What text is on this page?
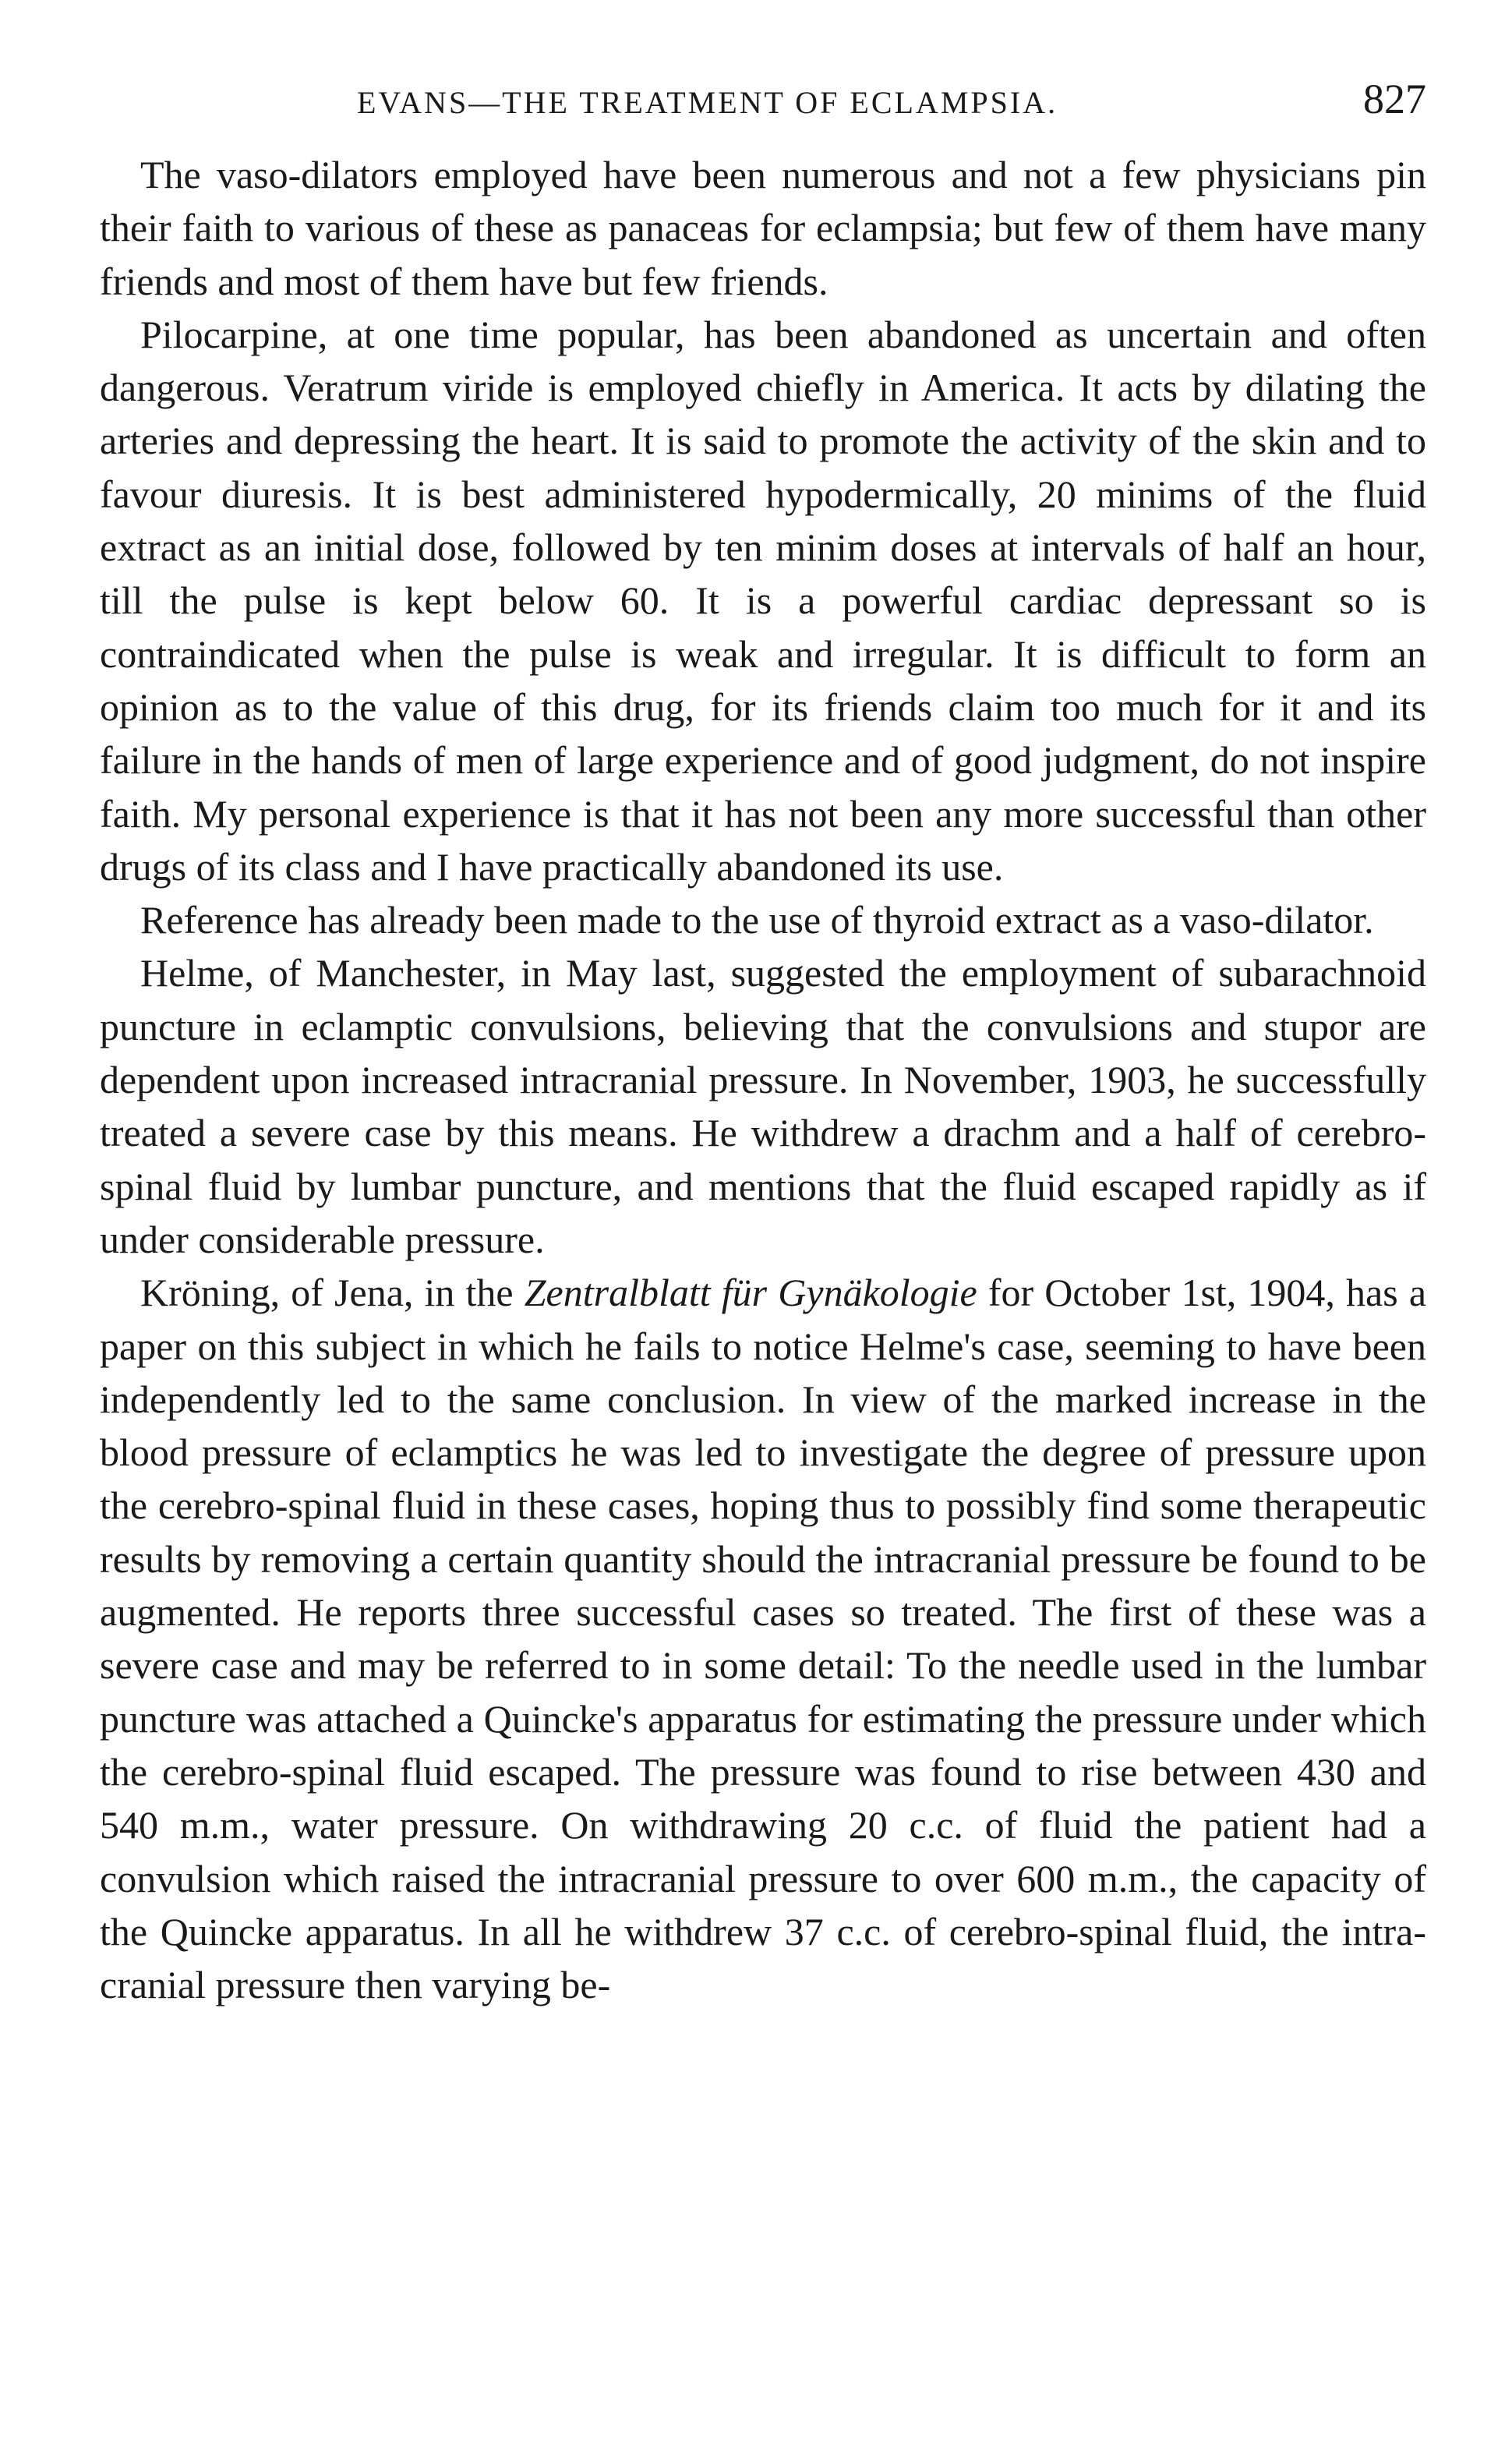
EVANS—THE TREATMENT OF ECLAMPSIA.	827

The vaso-dilators employed have been numerous and not a few physicians pin their faith to various of these as panaceas for eclampsia; but few of them have many friends and most of them have but few friends.

Pilocarpine, at one time popular, has been abandoned as uncertain and often dangerous. Veratrum viride is employed chiefly in America. It acts by dilating the arteries and depressing the heart. It is said to promote the activity of the skin and to favour diuresis. It is best administered hypodermically, 20 minims of the fluid extract as an initial dose, followed by ten minim doses at intervals of half an hour, till the pulse is kept below 60. It is a powerful cardiac depressant so is contraindicated when the pulse is weak and irregular. It is difficult to form an opinion as to the value of this drug, for its friends claim too much for it and its failure in the hands of men of large experience and of good judgment, do not inspire faith. My personal experience is that it has not been any more successful than other drugs of its class and I have practically abandoned its use.

Reference has already been made to the use of thyroid extract as a vaso-dilator.

Helme, of Manchester, in May last, suggested the employment of subarachnoid puncture in eclamptic convulsions, believing that the convulsions and stupor are dependent upon increased intracranial pressure. In November, 1903, he successfully treated a severe case by this means. He withdrew a drachm and a half of cerebro-spinal fluid by lumbar puncture, and mentions that the fluid escaped rapidly as if under considerable pressure.

Kröning, of Jena, in the Zentralblatt für Gynäkologie for October 1st, 1904, has a paper on this subject in which he fails to notice Helme's case, seeming to have been independently led to the same conclusion. In view of the marked increase in the blood pressure of eclamptics he was led to investigate the degree of pressure upon the cerebro-spinal fluid in these cases, hoping thus to possibly find some therapeutic results by removing a certain quantity should the intracranial pressure be found to be augmented. He reports three successful cases so treated. The first of these was a severe case and may be referred to in some detail: To the needle used in the lumbar puncture was attached a Quincke's apparatus for estimating the pressure under which the cerebro-spinal fluid escaped. The pressure was found to rise between 430 and 540 m.m., water pressure. On withdrawing 20 c.c. of fluid the patient had a convulsion which raised the intracranial pressure to over 600 m.m., the capacity of the Quincke apparatus. In all he withdrew 37 c.c. of cerebro-spinal fluid, the intra-cranial pressure then varying be-
